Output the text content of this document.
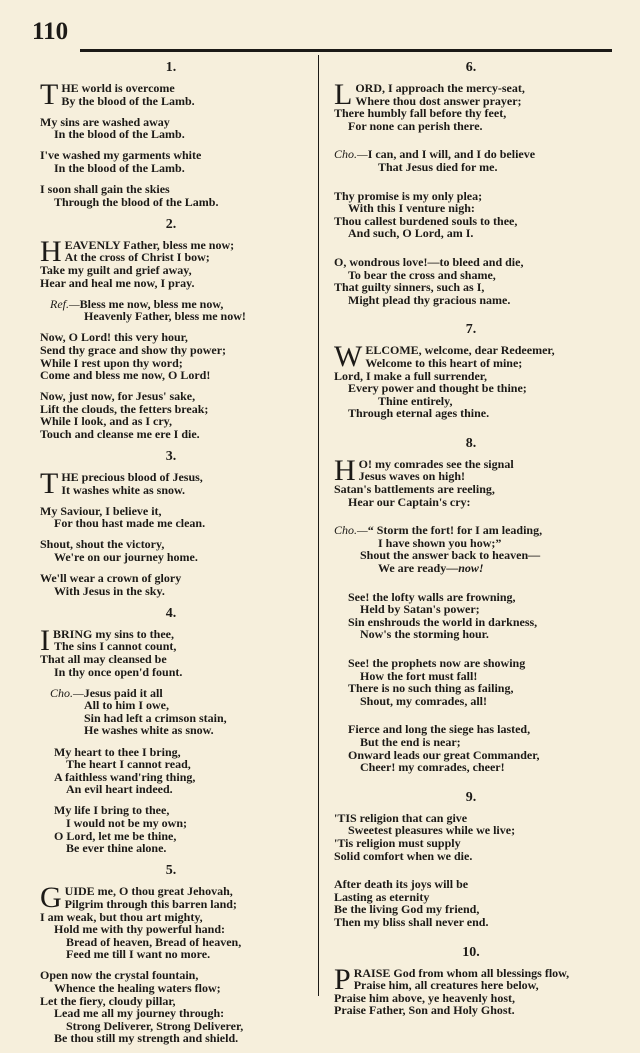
110
1.
THE world is overcome
By the blood of the Lamb.
My sins are washed away
In the blood of the Lamb.
I've washed my garments white
In the blood of the Lamb.
I soon shall gain the skies
Through the blood of the Lamb.
2.
HEAVENLY Father, bless me now;
At the cross of Christ I bow;
Take my guilt and grief away,
Hear and heal me now, I pray.
Ref.—Bless me now, bless me now,
Heavenly Father, bless me now!
Now, O Lord! this very hour,
Send thy grace and show thy power;
While I rest upon thy word;
Come and bless me now, O Lord!
Now, just now, for Jesus' sake,
Lift the clouds, the fetters break;
While I look, and as I cry,
Touch and cleanse me ere I die.
3.
THE precious blood of Jesus,
It washes white as snow.
My Saviour, I believe it,
For thou hast made me clean.
Shout, shout the victory,
We're on our journey home.
We'll wear a crown of glory
With Jesus in the sky.
4.
IBRING my sins to thee,
The sins I cannot count,
That all may cleansed be
In thy once open'd fount.
Cho.—Jesus paid it all
All to him I owe,
Sin had left a crimson stain,
He washes white as snow.
My heart to thee I bring,
The heart I cannot read,
A faithless wand'ring thing,
An evil heart indeed.
My life I bring to thee,
I would not be my own;
O Lord, let me be thine,
Be ever thine alone.
5.
GUIDE me, O thou great Jehovah,
Pilgrim through this barren land;
I am weak, but thou art mighty,
Hold me with thy powerful hand:
Bread of heaven, Bread of heaven,
Feed me till I want no more.
Open now the crystal fountain,
Whence the healing waters flow;
Let the fiery, cloudy pillar,
Lead me all my journey through:
Strong Deliverer, Strong Deliverer,
Be thou still my strength and shield.
6.
LORD, I approach the mercy-seat,
Where thou dost answer prayer;
There humbly fall before thy feet,
For none can perish there.
Cho.—I can, and I will, and I do believe
That Jesus died for me.
Thy promise is my only plea;
With this I venture nigh:
Thou callest burdened souls to thee,
And such, O Lord, am I.
O, wondrous love!—to bleed and die,
To bear the cross and shame,
That guilty sinners, such as I,
Might plead thy gracious name.
7.
WELCOME, welcome, dear Redeemer,
Welcome to this heart of mine;
Lord, I make a full surrender,
Every power and thought be thine;
Thine entirely,
Through eternal ages thine.
8.
H O! my comrades see the signal
Jesus waves on high!
Satan's battlements are reeling,
Hear our Captain's cry:
Cho.—“ Storm the fort! for I am leading,
I have shown you how;”
Shout the answer back to heaven—
We are ready—now!
See! the lofty walls are frowning,
Held by Satan's power;
Sin enshrouds the world in darkness,
Now's the storming hour.
See! the prophets now are showing
How the fort must fall!
There is no such thing as failing,
Shout, my comrades, all!
Fierce and long the siege has lasted,
But the end is near;
Onward leads our great Commander,
Cheer! my comrades, cheer!
9.
'TIS religion that can give
Sweetest pleasures while we live;
'Tis religion must supply
Solid comfort when we die.
After death its joys will be
Lasting as eternity
Be the living God my friend,
Then my bliss shall never end.
10.
PRAISE God from whom all blessings flow,
Praise him, all creatures here below,
Praise him above, ye heavenly host,
Praise Father, Son and Holy Ghost.
